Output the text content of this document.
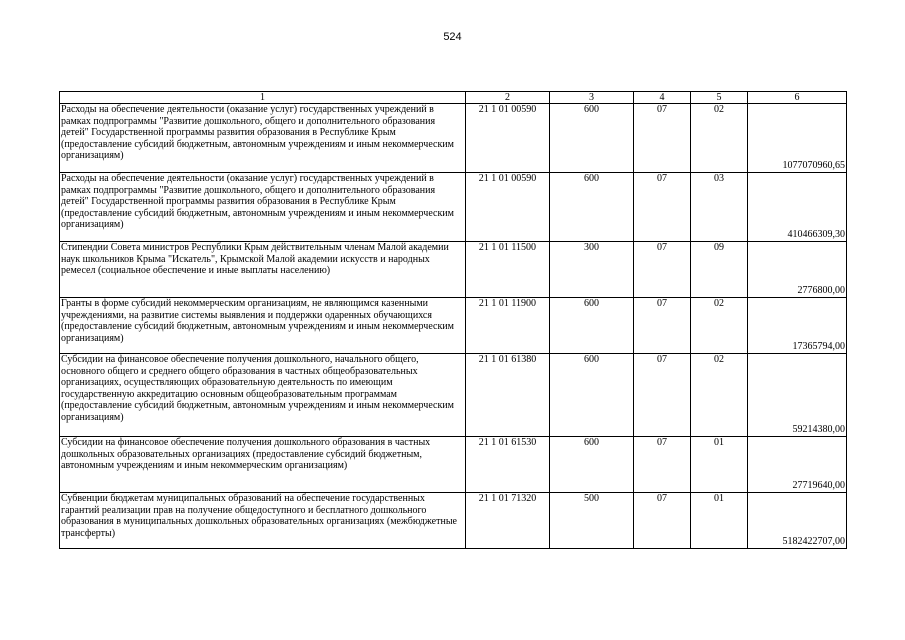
524
1	2	3	4	5	6
Расходы на обеспечение деятельности (оказание услуг) государственных учреждений в рамках подпрограммы "Развитие дошкольного, общего и дополнительного образования детей" Государственной программы развития образования в Республике Крым (предоставление субсидий бюджетным, автономным учреждениям и иным некоммерческим организациям)	21 1 01 00590	600	07	02	1077070960,65
Расходы на обеспечение деятельности (оказание услуг) государственных учреждений в рамках подпрограммы "Развитие дошкольного, общего и дополнительного образования детей" Государственной программы развития образования в Республике Крым (предоставление субсидий бюджетным, автономным учреждениям и иным некоммерческим организациям)	21 1 01 00590	600	07	03	410466309,30
Стипендии Совета министров Республики Крым действительным членам Малой академии наук школьников Крыма "Искатель", Крымской Малой академии искусств и народных ремесел (социальное обеспечение и иные выплаты населению)	21 1 01 11500	300	07	09	2776800,00
Гранты в форме субсидий некоммерческим организациям, не являющимся казенными учреждениями, на развитие системы выявления и поддержки одаренных обучающихся (предоставление субсидий бюджетным, автономным учреждениям и иным некоммерческим организациям)	21 1 01 11900	600	07	02	17365794,00
Субсидии на финансовое обеспечение получения дошкольного, начального общего, основного общего и среднего общего образования в частных общеобразовательных организациях, осуществляющих образовательную деятельность по имеющим государственную аккредитацию основным общеобразовательным программам (предоставление субсидий бюджетным, автономным учреждениям и иным некоммерческим организациям)	21 1 01 61380	600	07	02	59214380,00
Субсидии на финансовое обеспечение получения дошкольного образования в частных дошкольных образовательных организациях (предоставление субсидий бюджетным, автономным учреждениям и иным некоммерческим организациям)	21 1 01 61530	600	07	01	27719640,00
Субвенции бюджетам муниципальных образований на обеспечение государственных гарантий реализации прав на получение общедоступного и бесплатного дошкольного образования в муниципальных дошкольных образовательных организациях (межбюджетные трансферты)	21 1 01 71320	500	07	01	5182422707,00
